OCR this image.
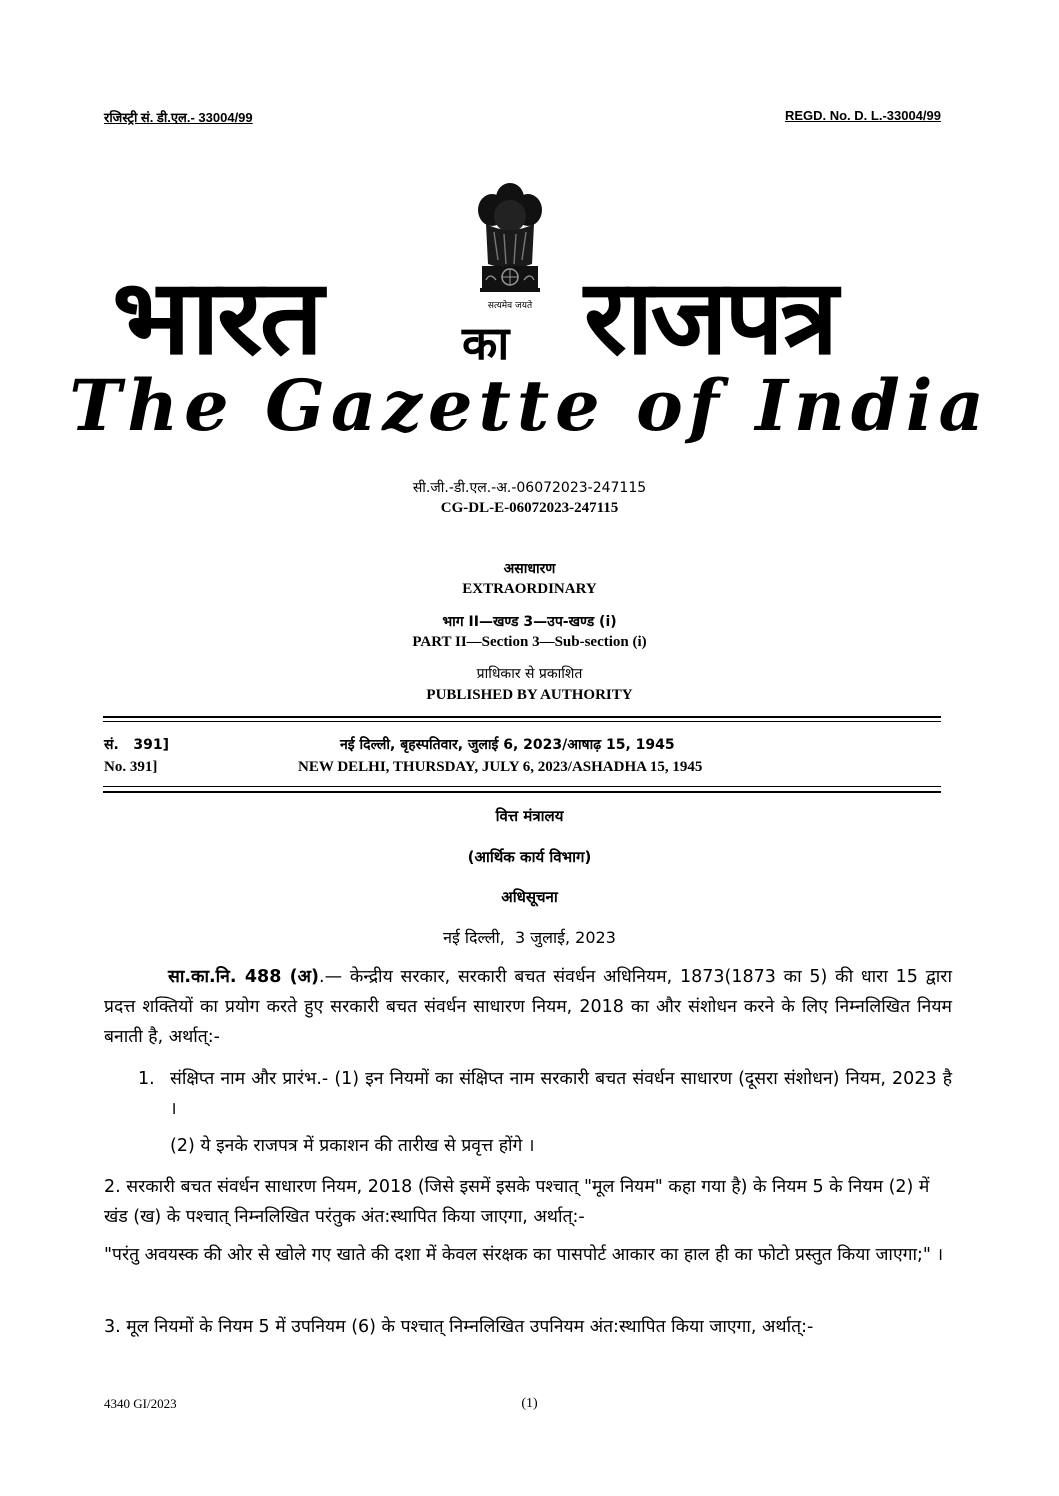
रजिस्ट्री सं. डी.एल.- 33004/99	REGD. No. D. L.-33004/99
सत्यमेव जयते
भारत	का राजपत्र
The Gazette of India
सी.जी.-डी.एल.-अ.-06072023-247115
CG-DL-E-06072023-247115
असाधारण
EXTRAORDINARY
भाग II—खण्ड 3—उप-खण्ड (i)
PART II—Section 3—Sub-section (i)
प्राधिकार से प्रकाशित
PUBLISHED BY AUTHORITY
सं.   391]	नई दिल्ली, बृहस्पतिवार, जुलाई 6, 2023/आषाढ़ 15, 1945
No. 391]	NEW DELHI, THURSDAY, JULY 6, 2023/ASHADHA 15, 1945
वित्त मंत्रालय
(आर्थिक कार्य विभाग)
अधिसूचना
नई दिल्ली,  3 जुलाई, 2023
सा.का.नि. 488 (अ).— केन्द्रीय सरकार, सरकारी बचत संवर्धन अधिनियम, 1873(1873 का 5) की धारा 15 द्वारा प्रदत्त शक्तियों का प्रयोग करते हुए सरकारी बचत संवर्धन साधारण नियम, 2018 का और संशोधन करने के लिए निम्नलिखित नियम बनाती है, अर्थात्:-
1. संक्षिप्त नाम और प्रारंभ.- (1) इन नियमों का संक्षिप्त नाम सरकारी बचत संवर्धन साधारण (दूसरा संशोधन) नियम, 2023 है ।
(2) ये इनके राजपत्र में प्रकाशन की तारीख से प्रवृत्त होंगे ।
2. सरकारी बचत संवर्धन साधारण नियम, 2018 (जिसे इसमें इसके पश्चात् "मूल नियम" कहा गया है) के नियम 5 के नियम (2) में खंड (ख) के पश्चात् निम्नलिखित परंतुक अंत:स्थापित किया जाएगा, अर्थात्:-
"परंतु अवयस्क की ओर से खोले गए खाते की दशा में केवल संरक्षक का पासपोर्ट आकार का हाल ही का फोटो प्रस्तुत किया जाएगा;" ।
3. मूल नियमों के नियम 5 में उपनियम (6) के पश्चात् निम्नलिखित उपनियम अंत:स्थापित किया जाएगा, अर्थात्:-
4340 GI/2023	(1)
